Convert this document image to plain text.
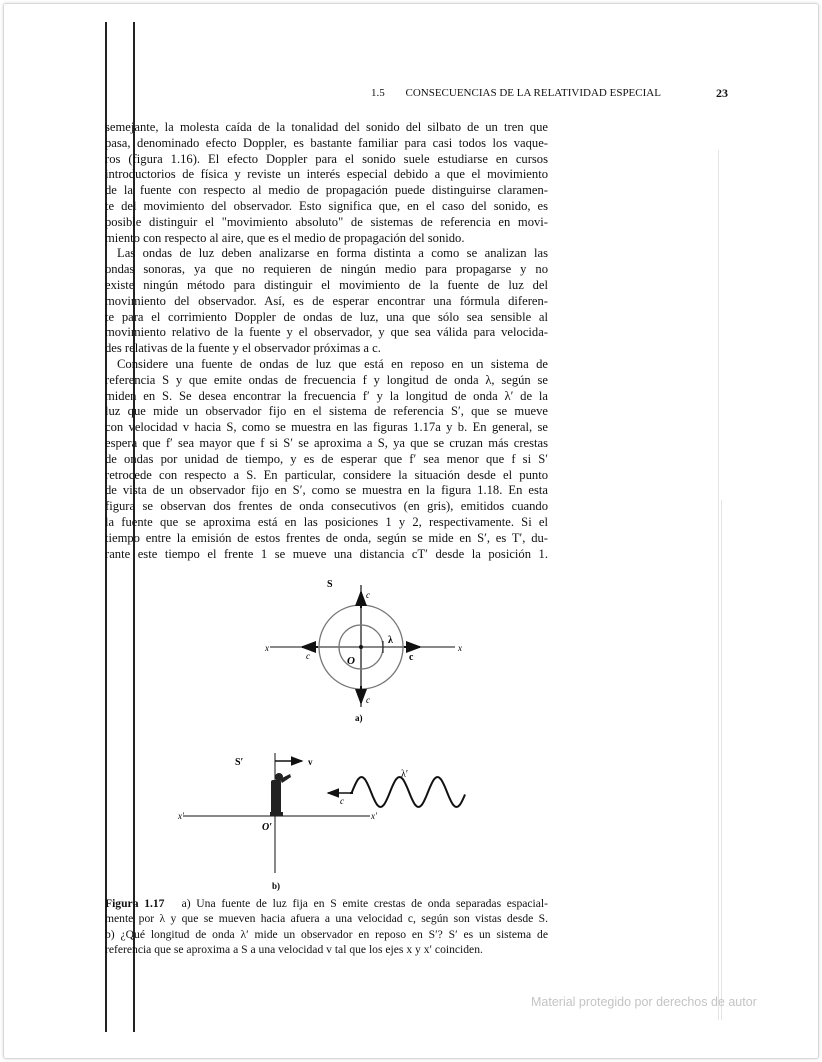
1.5 CONSECUENCIAS DE LA RELATIVIDAD ESPECIAL	23
semejante, la molesta caída de la tonalidad del sonido del silbato de un tren que
pasa, denominado efecto Doppler, es bastante familiar para casi todos los vaque-
ros (figura 1.16). El efecto Doppler para el sonido suele estudiarse en cursos
introductorios de física y reviste un interés especial debido a que el movimiento
de la fuente con respecto al medio de propagación puede distinguirse claramen-
te del movimiento del observador. Esto significa que, en el caso del sonido, es
posible distinguir el "movimiento absoluto" de sistemas de referencia en movi-
miento con respecto al aire, que es el medio de propagación del sonido.
Las ondas de luz deben analizarse en forma distinta a como se analizan las
ondas sonoras, ya que no requieren de ningún medio para propagarse y no
existe ningún método para distinguir el movimiento de la fuente de luz del
movimiento del observador. Así, es de esperar encontrar una fórmula diferen-
te para el corrimiento Doppler de ondas de luz, una que sólo sea sensible al
movimiento relativo de la fuente y el observador, y que sea válida para velocida-
des relativas de la fuente y el observador próximas a c.
Considere una fuente de ondas de luz que está en reposo en un sistema de
referencia S y que emite ondas de frecuencia f y longitud de onda λ, según se
miden en S. Se desea encontrar la frecuencia f′ y la longitud de onda λ′ de la
luz que mide un observador fijo en el sistema de referencia S′, que se mueve
con velocidad v hacia S, como se muestra en las figuras 1.17a y b. En general, se
espera que f′ sea mayor que f si S′ se aproxima a S, ya que se cruzan más crestas
de ondas por unidad de tiempo, y es de esperar que f′ sea menor que f si S′
retrocede con respecto a S. En particular, considere la situación desde el punto
de vista de un observador fijo en S′, como se muestra en la figura 1.18. En esta
figura se observan dos frentes de onda consecutivos (en gris), emitidos cuando
la fuente que se aproxima está en las posiciones 1 y 2, respectivamente. Si el
tiempo entre la emisión de estos frentes de onda, según se mide en S′, es T′, du-
rante este tiempo el frente 1 se mueve una distancia cT′ desde la posición 1.
S
c
c
c	c
x	x
O
λ
a)
S′	v
x′	x′
O′
λ′
c
b)
Figura 1.17 a) Una fuente de luz fija en S emite crestas de onda separadas espacial-
mente por λ y que se mueven hacia afuera a una velocidad c, según son vistas desde S.
b) ¿Qué longitud de onda λ′ mide un observador en reposo en S′? S′ es un sistema de
referencia que se aproxima a S a una velocidad v tal que los ejes x y x′ coinciden.
Material protegido por derechos de autor
